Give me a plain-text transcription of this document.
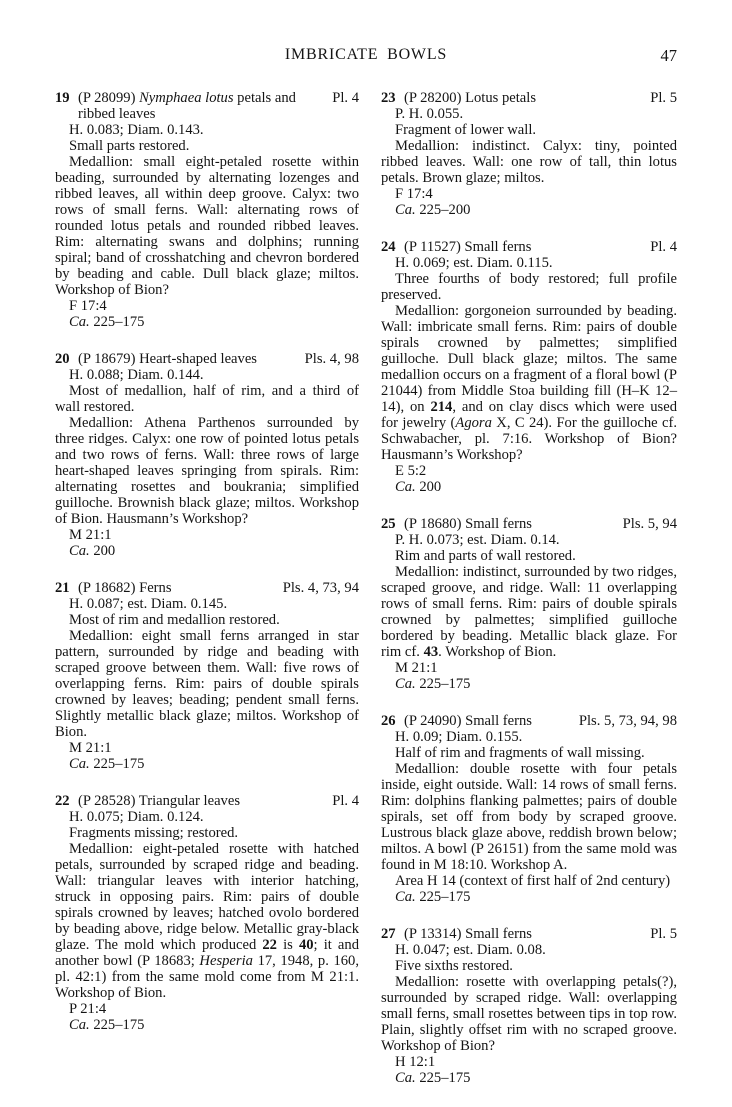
IMBRICATE BOWLS	47
19 (P 28099) Nymphaea lotus petals and ribbed leaves
Pl. 4

H. 0.083; Diam. 0.143.

Small parts restored.

Medallion: small eight-petaled rosette within beading, surrounded by alternating lozenges and ribbed leaves, all within deep groove. Calyx: two rows of small ferns. Wall: alternating rows of rounded lotus petals and rounded ribbed leaves. Rim: alternating swans and dolphins; running spiral; band of crosshatching and chevron bordered by beading and cable. Dull black glaze; miltos. Workshop of Bion?

F 17:4

Ca. 225–175

20 (P 18679) Heart-shaped leaves	Pls. 4, 98

H. 0.088; Diam. 0.144.

Most of medallion, half of rim, and a third of wall restored.

Medallion: Athena Parthenos surrounded by three ridges. Calyx: one row of pointed lotus petals and two rows of ferns. Wall: three rows of large heart-shaped leaves springing from spirals. Rim: alternating rosettes and boukrania; simplified guilloche. Brownish black glaze; miltos. Workshop of Bion. Hausmann’s Workshop?

M 21:1

Ca. 200

21 (P 18682) Ferns	Pls. 4, 73, 94

H. 0.087; est. Diam. 0.145.

Most of rim and medallion restored.

Medallion: eight small ferns arranged in star pattern, surrounded by ridge and beading with scraped groove between them. Wall: five rows of overlapping ferns. Rim: pairs of double spirals crowned by leaves; beading; pendent small ferns. Slightly metallic black glaze; miltos. Workshop of Bion.

M 21:1

Ca. 225–175

22 (P 28528) Triangular leaves	Pl. 4

H. 0.075; Diam. 0.124.

Fragments missing; restored.

Medallion: eight-petaled rosette with hatched petals, surrounded by scraped ridge and beading. Wall: triangular leaves with interior hatching, struck in opposing pairs. Rim: pairs of double spirals crowned by leaves; hatched ovolo bordered by beading above, ridge below. Metallic gray-black glaze. The mold which produced 22 is 40; it and another bowl (P 18683; Hesperia 17, 1948, p. 160, pl. 42:1) from the same mold come from M 21:1. Workshop of Bion.

P 21:4

Ca. 225–175

23 (P 28200) Lotus petals	Pl. 5

P. H. 0.055.

Fragment of lower wall.

Medallion: indistinct. Calyx: tiny, pointed ribbed leaves. Wall: one row of tall, thin lotus petals. Brown glaze; miltos.

F 17:4

Ca. 225–200

24 (P 11527) Small ferns	Pl. 4

H. 0.069; est. Diam. 0.115.

Three fourths of body restored; full profile preserved.

Medallion: gorgoneion surrounded by beading. Wall: imbricate small ferns. Rim: pairs of double spirals crowned by palmettes; simplified guilloche. Dull black glaze; miltos. The same medallion occurs on a fragment of a floral bowl (P 21044) from Middle Stoa building fill (H–K 12–14), on 214, and on clay discs which were used for jewelry (Agora X, C 24). For the guilloche cf. Schwabacher, pl. 7:16. Workshop of Bion? Hausmann’s Workshop?

E 5:2

Ca. 200

25 (P 18680) Small ferns	Pls. 5, 94

P. H. 0.073; est. Diam. 0.14.

Rim and parts of wall restored.

Medallion: indistinct, surrounded by two ridges, scraped groove, and ridge. Wall: 11 overlapping rows of small ferns. Rim: pairs of double spirals crowned by palmettes; simplified guilloche bordered by beading. Metallic black glaze. For rim cf. 43. Workshop of Bion.

M 21:1

Ca. 225–175

26 (P 24090) Small ferns	Pls. 5, 73, 94, 98

H. 0.09; Diam. 0.155.

Half of rim and fragments of wall missing.

Medallion: double rosette with four petals inside, eight outside. Wall: 14 rows of small ferns. Rim: dolphins flanking palmettes; pairs of double spirals, set off from body by scraped groove. Lustrous black glaze above, reddish brown below; miltos. A bowl (P 26151) from the same mold was found in M 18:10. Workshop A.

Area H 14 (context of first half of 2nd century)

Ca. 225–175

27 (P 13314) Small ferns	Pl. 5

H. 0.047; est. Diam. 0.08.

Five sixths restored.

Medallion: rosette with overlapping petals(?), surrounded by scraped ridge. Wall: overlapping small ferns, small rosettes between tips in top row. Plain, slightly offset rim with no scraped groove. Workshop of Bion?

H 12:1

Ca. 225–175
